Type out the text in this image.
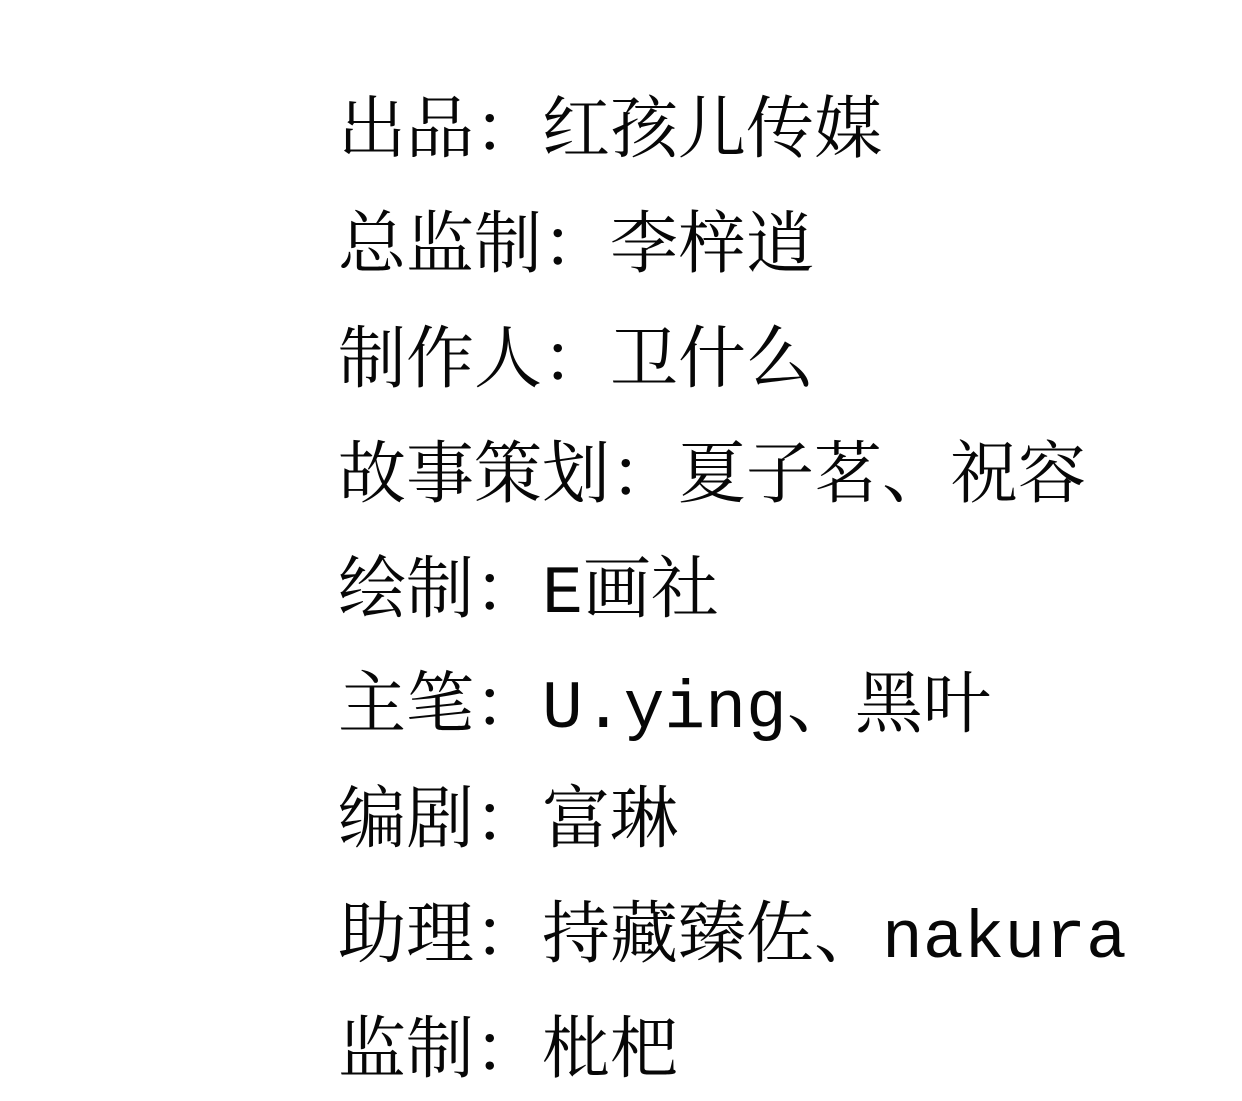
出品： 红孩儿传媒
总监制： 李梓逍
制作人： 卫什么
故事策划： 夏子茗、祝容
绘制： E画社
主笔： U.ying、黑叶
编剧： 富琳
助理： 持藏臻佐、nakura
监制： 枇杷
